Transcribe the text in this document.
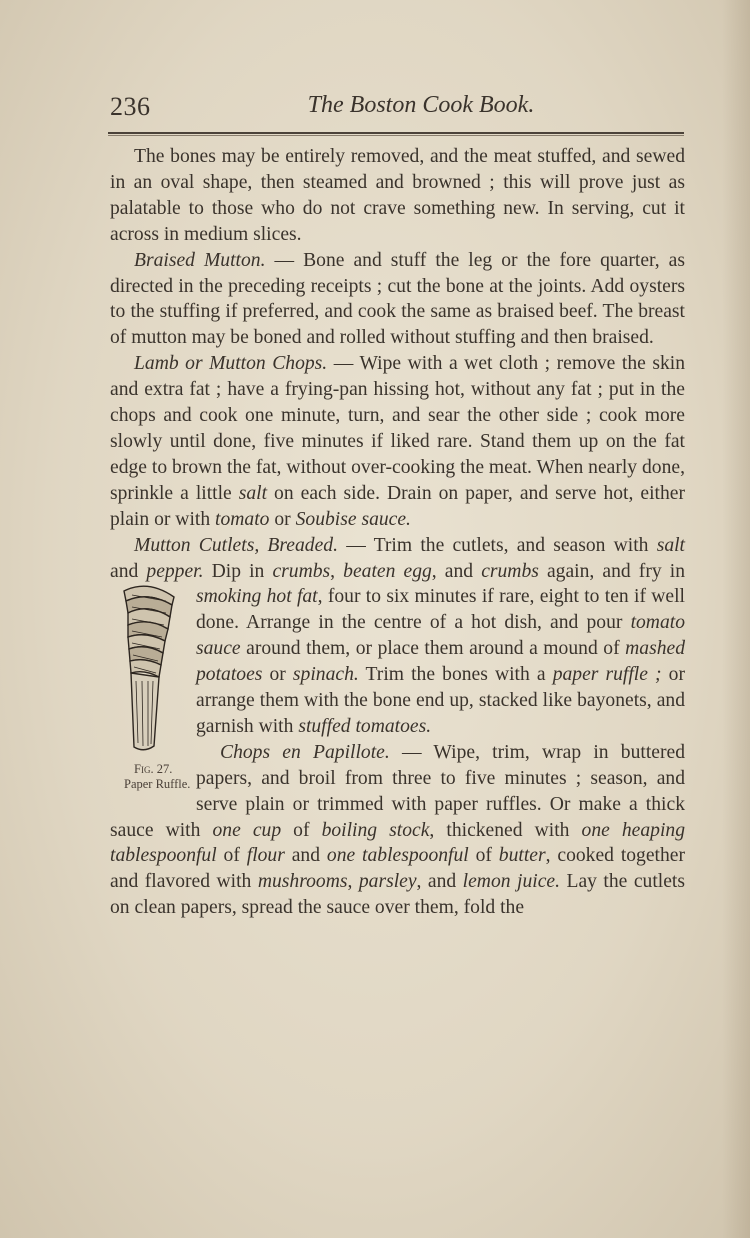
236	The Boston Cook Book.

The bones may be entirely removed, and the meat stuffed, and sewed in an oval shape, then steamed and browned ; this will prove just as palatable to those who do not crave something new. In serving, cut it across in medium slices.

Braised Mutton. — Bone and stuff the leg or the fore quarter, as directed in the preceding receipts ; cut the bone at the joints. Add oysters to the stuffing if preferred, and cook the same as braised beef. The breast of mutton may be boned and rolled without stuffing and then braised.

Lamb or Mutton Chops. — Wipe with a wet cloth ; remove the skin and extra fat ; have a frying-pan hissing hot, without any fat ; put in the chops and cook one minute, turn, and sear the other side ; cook more slowly until done, five minutes if liked rare. Stand them up on the fat edge to brown the fat, without over-cooking the meat. When nearly done, sprinkle a little salt on each side. Drain on paper, and serve hot, either plain or with tomato or Soubise sauce.

Mutton Cutlets, Breaded. — Trim the cutlets, and season with salt and pepper. Dip in crumbs, beaten egg, and crumbs
Fig. 27.
Paper Ruffle.
again, and fry in smoking hot fat, four to six minutes if rare, eight to ten if well done. Arrange in the centre of a hot dish, and pour tomato sauce around them, or place them around a mound of mashed potatoes or spinach. Trim the bones with a paper ruffle ; or arrange them with the bone end up, stacked like bayonets, and garnish with stuffed tomatoes.

Chops en Papillote. — Wipe, trim, wrap in buttered papers, and broil from three to five minutes ; season, and serve plain or trimmed with paper ruffles. Or make a thick sauce with one cup of boiling stock, thickened with one heaping tablespoonful of flour and one tablespoonful of butter, cooked together and flavored with mushrooms, parsley, and lemon juice. Lay the cutlets on clean papers, spread the sauce over them, fold the
